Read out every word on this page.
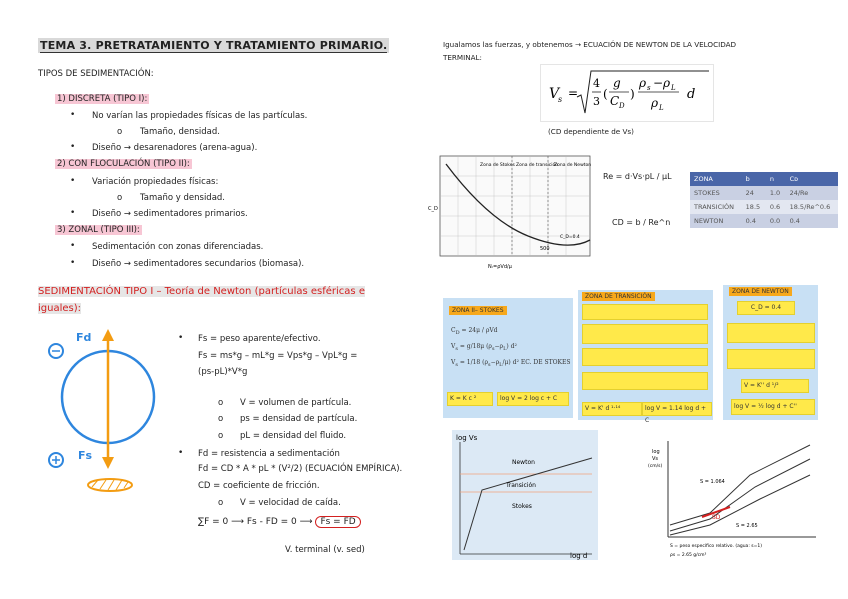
TEMA 3. PRETRATAMIENTO Y TRATAMIENTO PRIMARIO.
TIPOS DE SEDIMENTACIÓN:
1) DISCRETA (TIPO I):
• No varían las propiedades físicas de las partículas.
o Tamaño, densidad.
• Diseño → desarenadores (arena-agua).
2) CON FLOCULACIÓN (TIPO II):
• Variación propiedades físicas:
o Tamaño y densidad.
• Diseño → sedimentadores primarios.
3) ZONAL (TIPO III):
• Sedimentación con zonas diferenciadas.
• Diseño → sedimentadores secundarios (biomasa).
SEDIMENTACIÓN TIPO I – Teoría de Newton (partículas esféricas e
iguales):
Fd
Fs
• Fs = peso aparente/efectivo.
Fs = ms*g – mL*g = Vps*g – VpL*g =
(ps-pL)*V*g
o V = volumen de partícula.
o ps = densidad de partícula.
o pL = densidad del fluido.
• Fd = resistencia a sedimentación
Fd = CD * A * pL * (V²/2) (ECUACIÓN EMPÍRICA).
CD = coeficiente de fricción.
o V = velocidad de caída.
∑F = 0 ⟶ Fs - FD = 0 ⟶ Fs = FD
V. terminal (v. sed)
Igualamos las fuerzas, y obtenemos → ECUACIÓN DE NEWTON DE LA VELOCIDAD
TERMINAL:
V
s =
4
3
(
g
C D
)
ρ s − ρ L
ρ L
d
(CD dependiente de Vs)
Zona de Stokes Zona de transición
Zona de Newton
500
C_D=0.4
C_D
Nᵣ=ρVd/μ
Re = d·Vs·pL / μL
CD = b / Re^n
ZONA	b	n	Cᴅ
STOKES	24	1.0	24/Re
TRANSICIÓN	18.5	0.6	18.5/Re^0.6
NEWTON	0.4	0.0	0.4
ZONA II– STOKES
$C_D = 24\mu / \rho Vd$
$V_s = g/18\mu$ $(\rho_s-\rho_L)$ d²
$V_s = 1/18$ $(\rho_s-\rho_L/\mu)$ d² EC. DE STOKES
K = K c ²	log V = 2 log c + C
ZONA DE TRANSICIÓN
V = K' d ¹·¹⁴	log V = 1.14 log d + C
ZONA DE NEWTON
C_D = 0.4
V = K'' d ¹/²
log V = ½ log d + C''
log Vs
log d
Newton
Transición
Stokes
log
Vs
(cm/s)
S = 1.064
S = 2.65
SD
S = peso específico relativo. (agua: s=1)
ρs = 2.65 g/cm³
